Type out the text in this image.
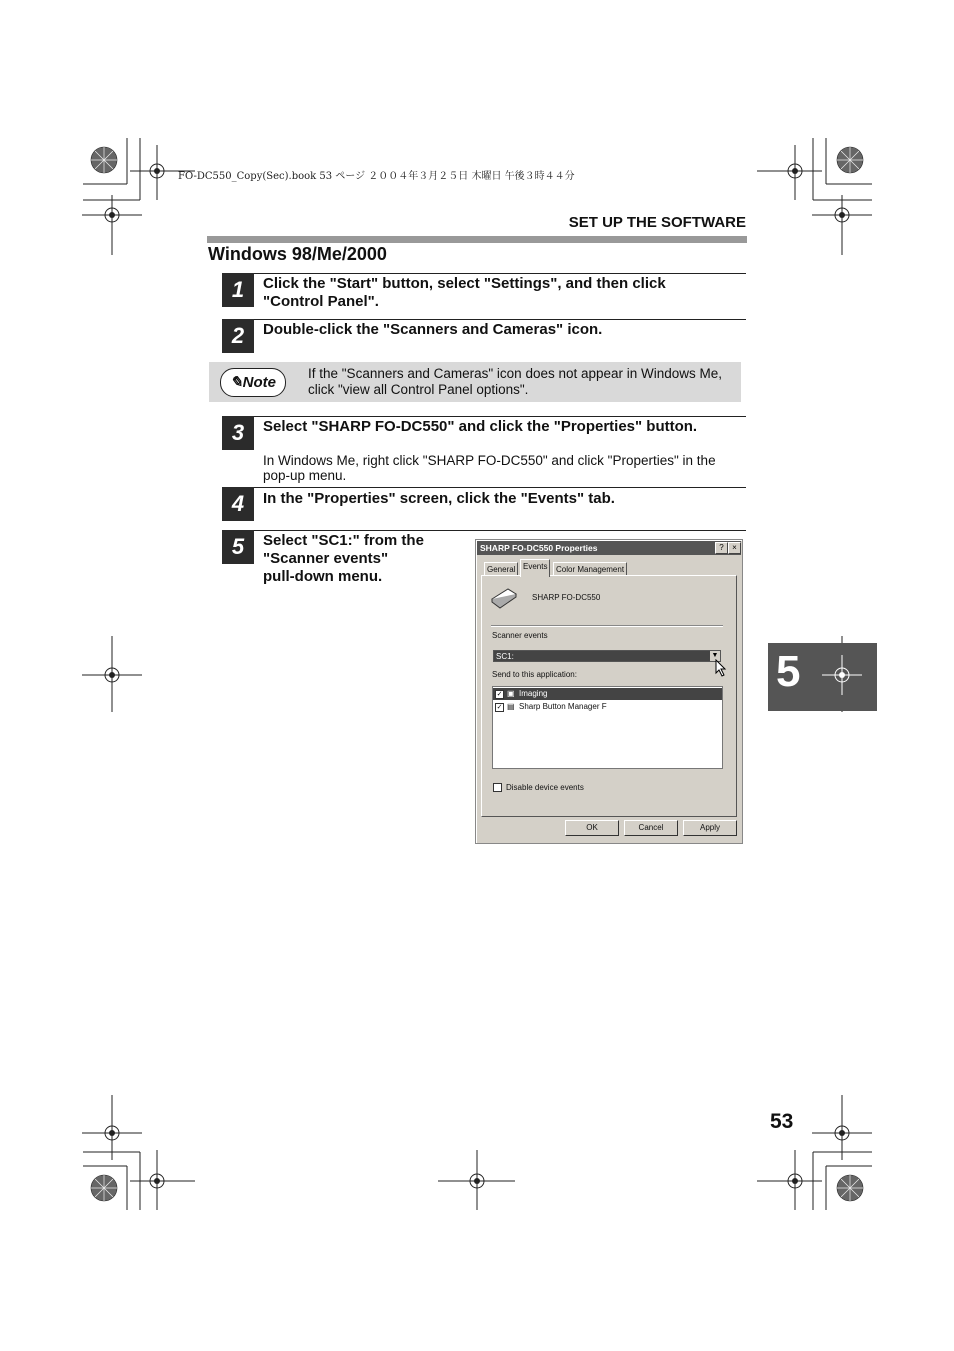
FO-DC550_Copy(Sec).book 53 ページ ２００４年３月２５日 木曜日 午後３時４４分
SET UP THE SOFTWARE
Windows 98/Me/2000
1	Click the "Start" button, select "Settings", and then click
"Control Panel".
2	Double-click the "Scanners and Cameras" icon.
✎Note
If the "Scanners and Cameras" icon does not appear in Windows Me,
click "view all Control Panel options".
3	Select "SHARP FO-DC550" and click the "Properties" button.
In Windows Me, right click "SHARP FO-DC550" and click "Properties" in the
pop-up menu.
4	In the "Properties" screen, click the "Events" tab.
5	Select "SC1:" from the
"Scanner events"
pull-down menu.
SHARP FO-DC550 Properties	?	×
General Events	Color Management
SHARP FO-DC550
Scanner events
SC1:	▼
Send to this application:
✓ ▣ Imaging
✓ ▤ Sharp Button Manager F
Disable device events
OK	Cancel	Apply
5
53
